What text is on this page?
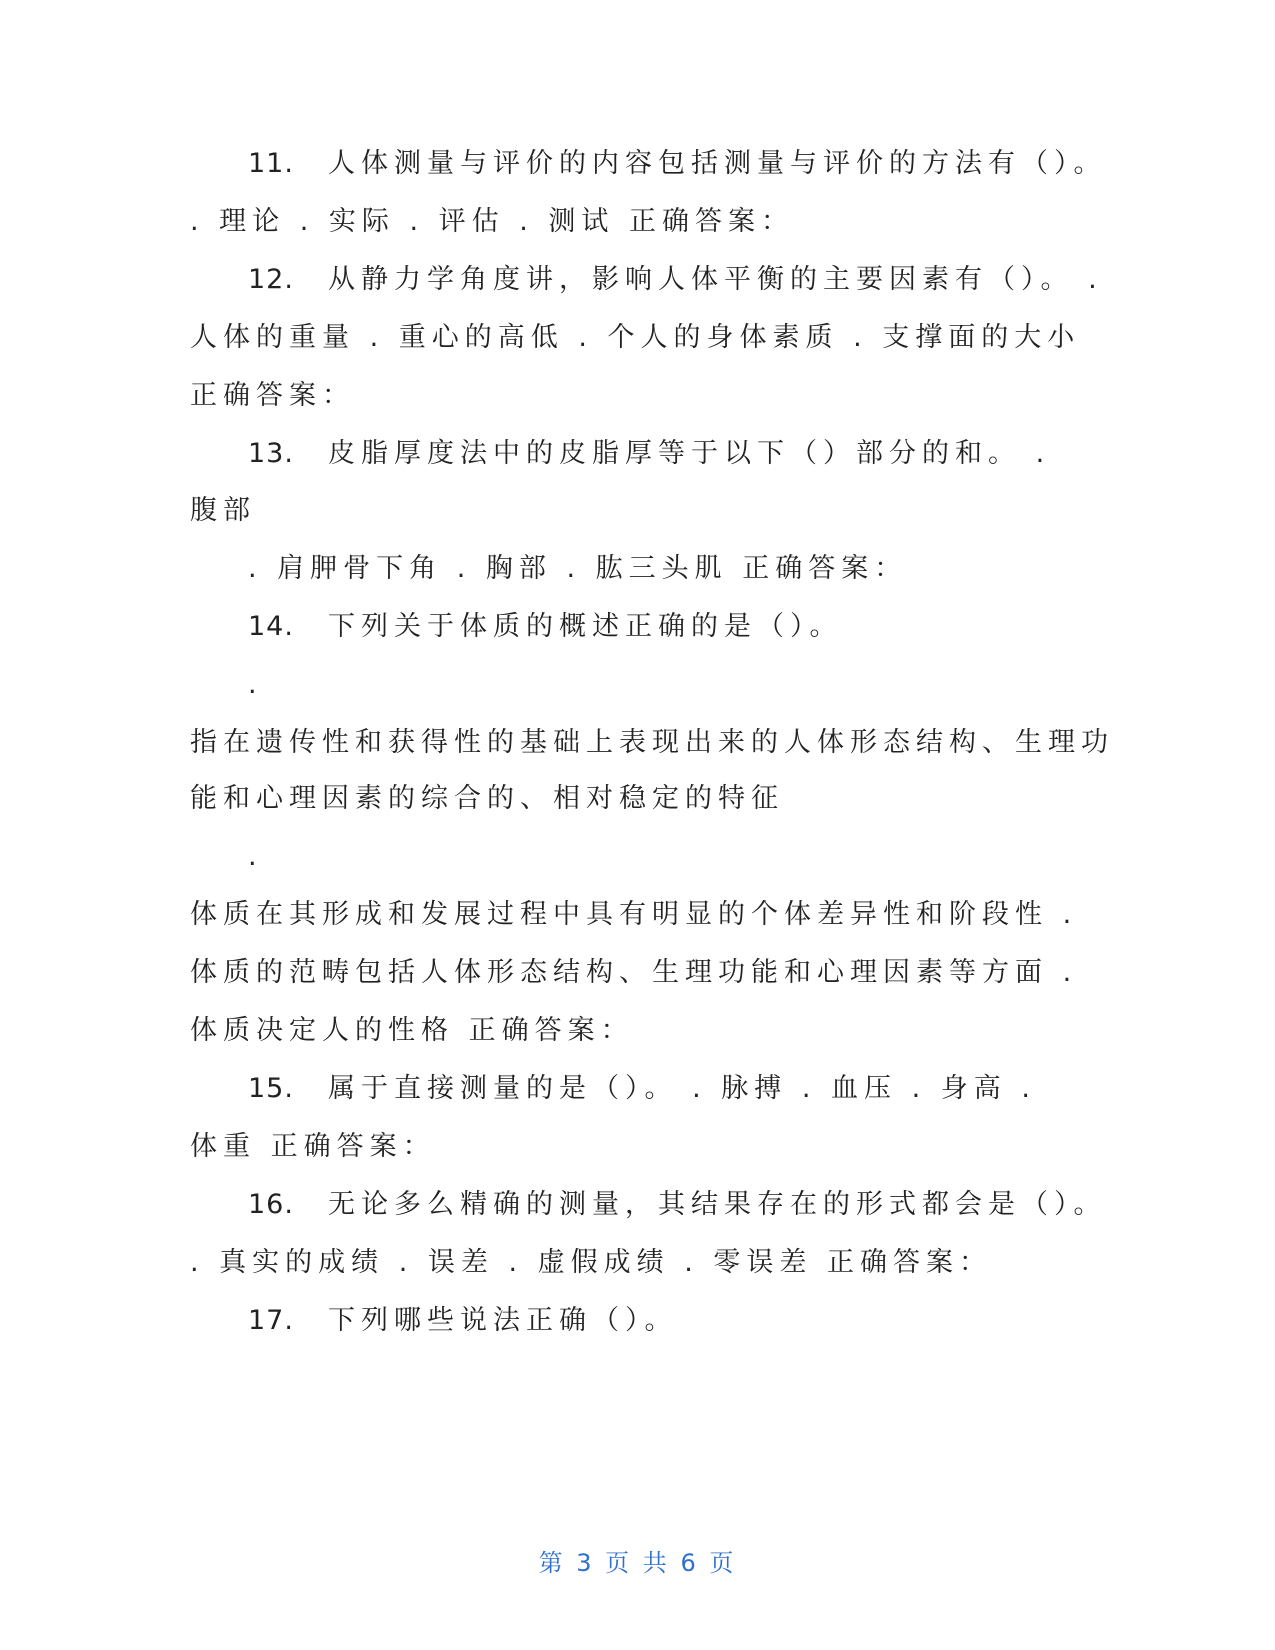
11. 人体测量与评价的内容包括测量与评价的方法有（）。
. 理论 . 实际 . 评估 . 测试 正确答案：
12. 从静力学角度讲，影响人体平衡的主要因素有（）。 .
人体的重量 . 重心的高低 . 个人的身体素质 . 支撑面的大小
正确答案：
13. 皮脂厚度法中的皮脂厚等于以下（）部分的和。 .
腹部
. 肩胛骨下角 . 胸部 . 肱三头肌 正确答案：
14. 下列关于体质的概述正确的是（）。
.
指在遗传性和获得性的基础上表现出来的人体形态结构、生理功
能和心理因素的综合的、相对稳定的特征
.
体质在其形成和发展过程中具有明显的个体差异性和阶段性 .
体质的范畴包括人体形态结构、生理功能和心理因素等方面 .
体质决定人的性格 正确答案：
15. 属于直接测量的是（）。 . 脉搏 . 血压 . 身高 .
体重 正确答案：
16. 无论多么精确的测量，其结果存在的形式都会是（）。
. 真实的成绩 . 误差 . 虚假成绩 . 零误差 正确答案：
17. 下列哪些说法正确（）。
第 3 页 共 6 页
